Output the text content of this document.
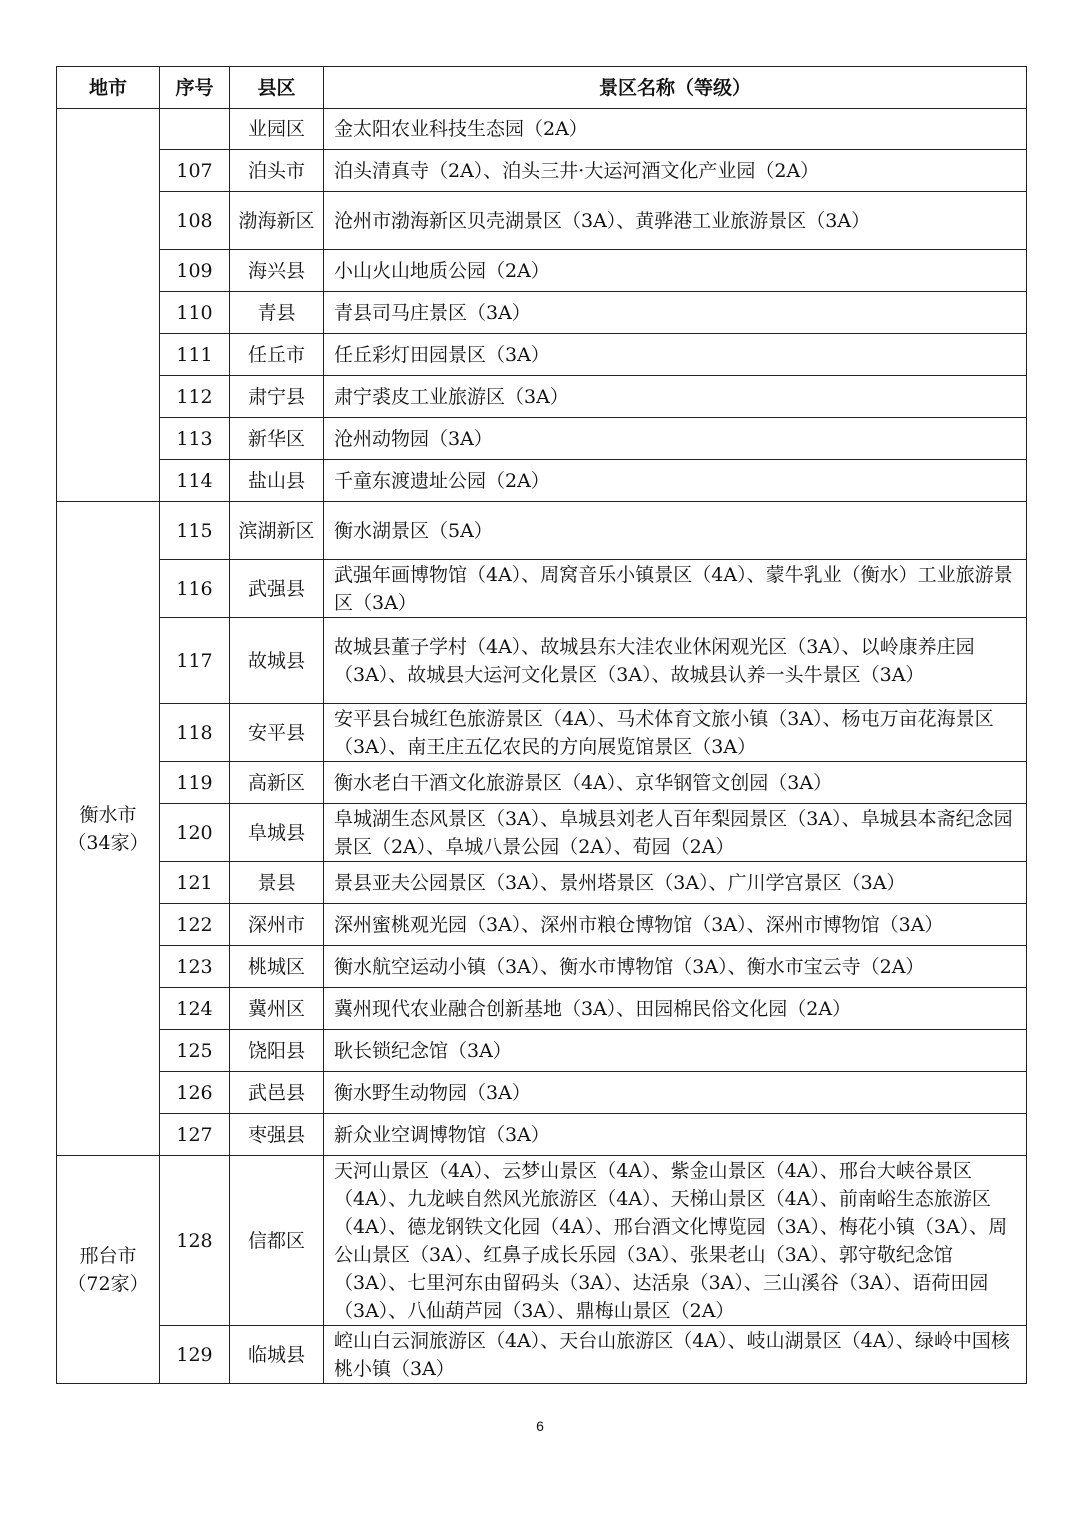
地市	序号	县区	景区名称（等级）
		业园区	金太阳农业科技生态园（2A）
	107	泊头市	泊头清真寺（2A）、泊头三井·大运河酒文化产业园（2A）
	108	渤海新区	沧州市渤海新区贝壳湖景区（3A）、黄骅港工业旅游景区（3A）
	109	海兴县	小山火山地质公园（2A）
	110	青县	青县司马庄景区（3A）
	111	任丘市	任丘彩灯田园景区（3A）
	112	肃宁县	肃宁裘皮工业旅游区（3A）
	113	新华区	沧州动物园（3A）
	114	盐山县	千童东渡遗址公园（2A）
衡水市（34家）	115	滨湖新区	衡水湖景区（5A）
	116	武强县	武强年画博物馆（4A）、周窝音乐小镇景区（4A）、蒙牛乳业（衡水）工业旅游景区（3A）
	117	故城县	故城县董子学村（4A）、故城县东大洼农业休闲观光区（3A）、以岭康养庄园（3A）、故城县大运河文化景区（3A）、故城县认养一头牛景区（3A）
	118	安平县	安平县台城红色旅游景区（4A）、马术体育文旅小镇（3A）、杨屯万亩花海景区（3A）、南王庄五亿农民的方向展览馆景区（3A）
	119	高新区	衡水老白干酒文化旅游景区（4A）、京华钢管文创园（3A）
	120	阜城县	阜城湖生态风景区（3A）、阜城县刘老人百年梨园景区（3A）、阜城县本斋纪念园景区（2A）、阜城八景公园（2A）、荀园（2A）
	121	景县	景县亚夫公园景区（3A）、景州塔景区（3A）、广川学宫景区（3A）
	122	深州市	深州蜜桃观光园（3A）、深州市粮仓博物馆（3A）、深州市博物馆（3A）
	123	桃城区	衡水航空运动小镇（3A）、衡水市博物馆（3A）、衡水市宝云寺（2A）
	124	冀州区	冀州现代农业融合创新基地（3A）、田园棉民俗文化园（2A）
	125	饶阳县	耿长锁纪念馆（3A）
	126	武邑县	衡水野生动物园（3A）
	127	枣强县	新众业空调博物馆（3A）
邢台市（72家）	128	信都区	天河山景区（4A）、云梦山景区（4A）、紫金山景区（4A）、邢台大峡谷景区（4A）、九龙峡自然风光旅游区（4A）、天梯山景区（4A）、前南峪生态旅游区（4A）、德龙钢铁文化园（4A）、邢台酒文化博览园（3A）、梅花小镇（3A）、周公山景区（3A）、红鼻子成长乐园（3A）、张果老山（3A）、郭守敬纪念馆（3A）、七里河东由留码头（3A）、达活泉（3A）、三山溪谷（3A）、语荷田园（3A）、八仙葫芦园（3A）、鼎梅山景区（2A）
	129	临城县	崆山白云洞旅游区（4A）、天台山旅游区（4A）、岐山湖景区（4A）、绿岭中国核桃小镇（3A）
6
